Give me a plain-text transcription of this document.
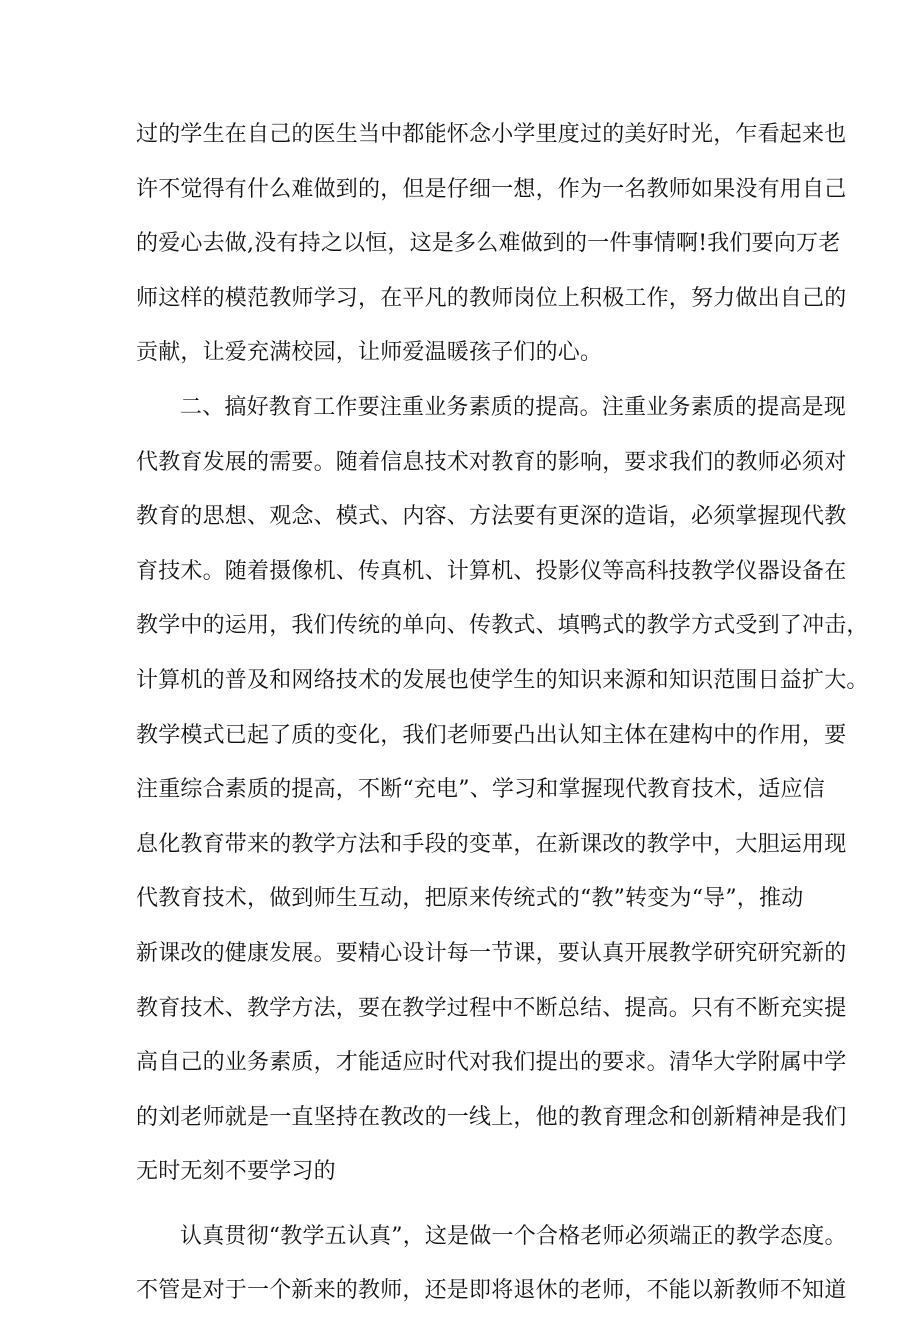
过的学生在自己的医生当中都能怀念小学里度过的美好时光，乍看起来也
许不觉得有什么难做到的，但是仔细一想，作为一名教师如果没有用自己
的爱心去做,没有持之以恒，这是多么难做到的一件事情啊!我们要向万老
师这样的模范教师学习，在平凡的教师岗位上积极工作，努力做出自己的
贡献，让爱充满校园，让师爱温暖孩子们的心。
二、搞好教育工作要注重业务素质的提高。注重业务素质的提高是现
代教育发展的需要。随着信息技术对教育的影响，要求我们的教师必须对
教育的思想、观念、模式、内容、方法要有更深的造诣，必须掌握现代教
育技术。随着摄像机、传真机、计算机、投影仪等高科技教学仪器设备在
教学中的运用，我们传统的单向、传教式、填鸭式的教学方式受到了冲击，
计算机的普及和网络技术的发展也使学生的知识来源和知识范围日益扩大。
教学模式已起了质的变化，我们老师要凸出认知主体在建构中的作用，要
注重综合素质的提高，不断“充电”、学习和掌握现代教育技术，适应信
息化教育带来的教学方法和手段的变革，在新课改的教学中，大胆运用现
代教育技术，做到师生互动，把原来传统式的“教”转变为“导”，推动
新课改的健康发展。要精心设计每一节课，要认真开展教学研究研究新的
教育技术、教学方法，要在教学过程中不断总结、提高。只有不断充实提
高自己的业务素质，才能适应时代对我们提出的要求。清华大学附属中学
的刘老师就是一直坚持在教改的一线上，他的教育理念和创新精神是我们
无时无刻不要学习的
认真贯彻“教学五认真”，这是做一个合格老师必须端正的教学态度。
不管是对于一个新来的教师，还是即将退休的老师，不能以新教师不知道
